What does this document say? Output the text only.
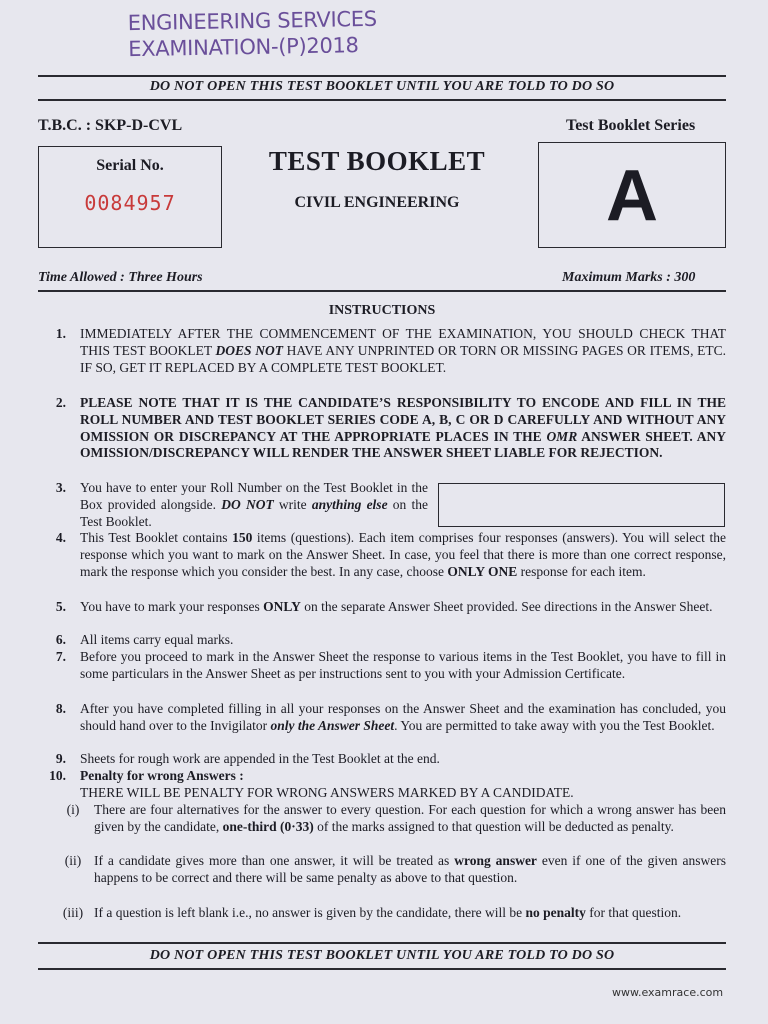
ENGINEERING SERVICES
EXAMINATION-(P)2018
DO NOT OPEN THIS TEST BOOKLET UNTIL YOU ARE TOLD TO DO SO
T.B.C. : SKP-D-CVL	Test Booklet Series
Serial No.
0084957
TEST BOOKLET
CIVIL ENGINEERING	A
Time Allowed : Three Hours	Maximum Marks : 300
INSTRUCTIONS
1. IMMEDIATELY AFTER THE COMMENCEMENT OF THE EXAMINATION, YOU SHOULD CHECK THAT THIS TEST BOOKLET DOES NOT HAVE ANY UNPRINTED OR TORN OR MISSING PAGES OR ITEMS, ETC. IF SO, GET IT REPLACED BY A COMPLETE TEST BOOKLET.
2. PLEASE NOTE THAT IT IS THE CANDIDATE’S RESPONSIBILITY TO ENCODE AND FILL IN THE ROLL NUMBER AND TEST BOOKLET SERIES CODE A, B, C OR D CAREFULLY AND WITHOUT ANY OMISSION OR DISCREPANCY AT THE APPROPRIATE PLACES IN THE OMR ANSWER SHEET. ANY OMISSION/DISCREPANCY WILL RENDER THE ANSWER SHEET LIABLE FOR REJECTION.
3. You have to enter your Roll Number on the Test Booklet in the Box provided alongside. DO NOT write anything else on the Test Booklet.
4. This Test Booklet contains 150 items (questions). Each item comprises four responses (answers). You will select the response which you want to mark on the Answer Sheet. In case, you feel that there is more than one correct response, mark the response which you consider the best. In any case, choose ONLY ONE response for each item.
5. You have to mark your responses ONLY on the separate Answer Sheet provided. See directions in the Answer Sheet.
6. All items carry equal marks.
7. Before you proceed to mark in the Answer Sheet the response to various items in the Test Booklet, you have to fill in some particulars in the Answer Sheet as per instructions sent to you with your Admission Certificate.
8. After you have completed filling in all your responses on the Answer Sheet and the examination has concluded, you should hand over to the Invigilator only the Answer Sheet. You are permitted to take away with you the Test Booklet.
9. Sheets for rough work are appended in the Test Booklet at the end.
10. Penalty for wrong Answers :
THERE WILL BE PENALTY FOR WRONG ANSWERS MARKED BY A CANDIDATE.
(i)	There are four alternatives for the answer to every question. For each question for which a wrong answer has been given by the candidate, one-third (0·33) of the marks assigned to that question will be deducted as penalty.
(ii) If a candidate gives more than one answer, it will be treated as wrong answer even if one of the given answers happens to be correct and there will be same penalty as above to that question.
(iii) If a question is left blank i.e., no answer is given by the candidate, there will be no penalty for that question.
DO NOT OPEN THIS TEST BOOKLET UNTIL YOU ARE TOLD TO DO SO
www.examrace.com
